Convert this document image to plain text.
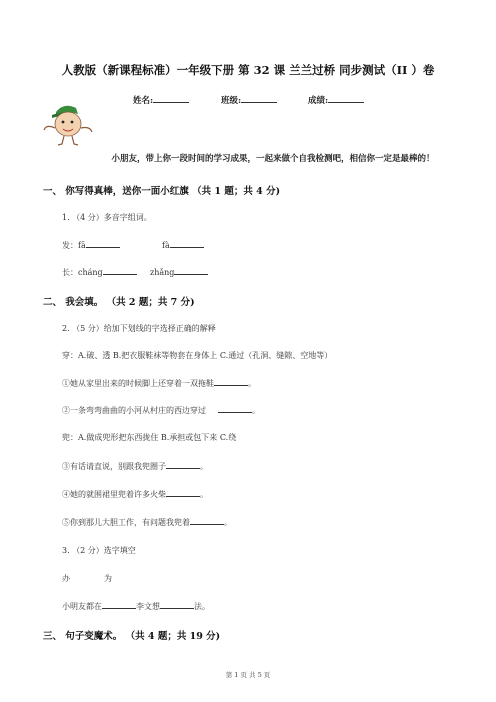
人教版（新课程标准）一年级下册 第 32 课 兰兰过桥 同步测试（II ）卷
姓名:	班级:	成绩:
小朋友，带上你一段时间的学习成果，一起来做个自我检测吧，相信你一定是最棒的！
一、 你写得真棒，送你一面小红旗 （共 1 题；共 4 分)
1. （4 分）多音字组词。
发：fā	fà
长：cháng	zhǎng
二、 我会填。 （共 2 题；共 7 分)
2. （5 分）给加下划线的字选择正确的解释
穿：A.破、透 B.把衣服鞋袜等物套在身体上 C.通过（孔洞、缝隙、空地等）
①她从家里出来的时候脚上还穿着一双拖鞋	。
②一条弯弯曲曲的小河从村庄的西边穿过	。
兜：A.做成兜形把东西拢住 B.承担或包下来 C.绕
③有话请直说，别跟我兜圈子	。
④她的就围裙里兜着许多火柴	。
⑤你到那儿大胆工作，有问题我兜着	。
3. （2 分）选字填空
办	为
小明友都在	李文想	法。
三、 句子变魔术。 （共 4 题；共 19 分)
第 1 页 共 5 页
